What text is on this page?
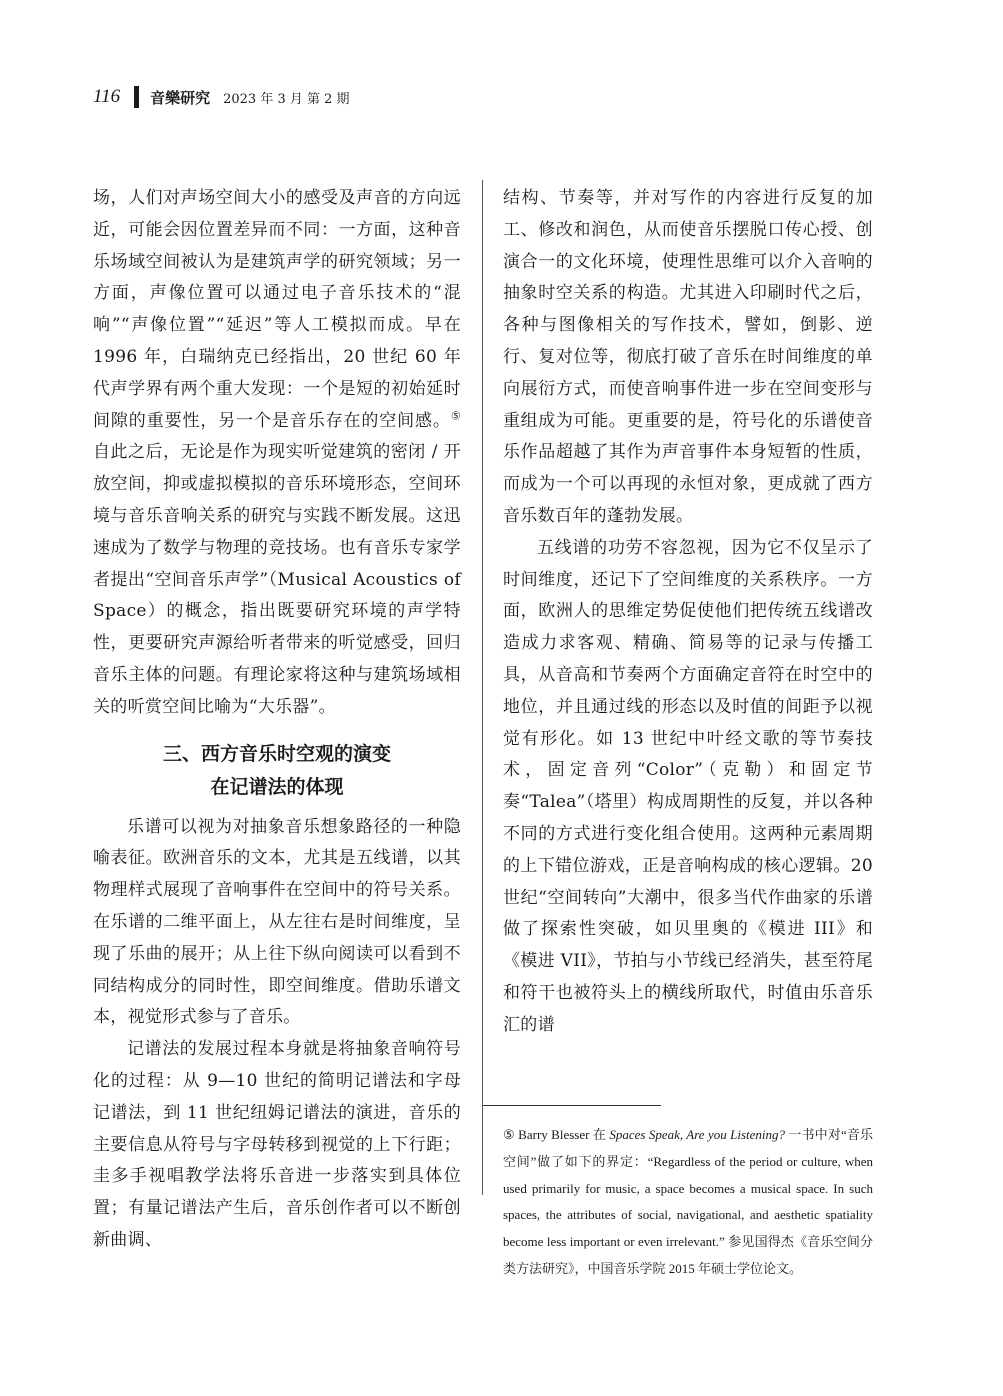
116 音樂研究 2023 年 3 月 第 2 期

场，人们对声场空间大小的感受及声音的方向远近，可能会因位置差异而不同：一方面，这种音乐场域空间被认为是建筑声学的研究领域；另一方面，声像位置可以通过电子音乐技术的“混响”“声像位置”“延迟”等人工模拟而成。早在 1996 年，白瑞纳克已经指出，20 世纪 60 年代声学界有两个重大发现：一个是短的初始延时间隙的重要性，另一个是音乐存在的空间感。⑤ 自此之后，无论是作为现实听觉建筑的密闭 / 开放空间，抑或虚拟模拟的音乐环境形态，空间环境与音乐音响关系的研究与实践不断发展。这迅速成为了数学与物理的竞技场。也有音乐专家学者提出“空间音乐声学”（Musical Acoustics of Space）的概念，指出既要研究环境的声学特性，更要研究声源给听者带来的听觉感受，回归音乐主体的问题。有理论家将这种与建筑场域相关的听赏空间比喻为“大乐器”。

三、西方音乐时空观的演变
在记谱法的体现

乐谱可以视为对抽象音乐想象路径的一种隐喻表征。欧洲音乐的文本，尤其是五线谱，以其物理样式展现了音响事件在空间中的符号关系。在乐谱的二维平面上，从左往右是时间维度，呈现了乐曲的展开；从上往下纵向阅读可以看到不同结构成分的同时性，即空间维度。借助乐谱文本，视觉形式参与了音乐。

记谱法的发展过程本身就是将抽象音响符号化的过程：从 9—10 世纪的简明记谱法和字母记谱法，到 11 世纪纽姆记谱法的演进，音乐的主要信息从符号与字母转移到视觉的上下行距；圭多手视唱教学法将乐音进一步落实到具体位置；有量记谱法产生后，音乐创作者可以不断创新曲调、

结构、节奏等，并对写作的内容进行反复的加工、修改和润色，从而使音乐摆脱口传心授、创演合一的文化环境，使理性思维可以介入音响的抽象时空关系的构造。尤其进入印刷时代之后，各种与图像相关的写作技术，譬如，倒影、逆行、复对位等，彻底打破了音乐在时间维度的单向展衍方式，而使音响事件进一步在空间变形与重组成为可能。更重要的是，符号化的乐谱使音乐作品超越了其作为声音事件本身短暂的性质，而成为一个可以再现的永恒对象，更成就了西方音乐数百年的蓬勃发展。

五线谱的功劳不容忽视，因为它不仅呈示了时间维度，还记下了空间维度的关系秩序。一方面，欧洲人的思维定势促使他们把传统五线谱改造成力求客观、精确、简易等的记录与传播工具，从音高和节奏两个方面确定音符在时空中的地位，并且通过线的形态以及时值的间距予以视觉有形化。如 13 世纪中叶经文歌的等节奏技术，固定音列“Color”（克勒）和固定节奏“Talea”（塔里）构成周期性的反复，并以各种不同的方式进行变化组合使用。这两种元素周期的上下错位游戏，正是音响构成的核心逻辑。20 世纪“空间转向”大潮中，很多当代作曲家的乐谱做了探索性突破，如贝里奥的《模进 III》和《模进 VII》，节拍与小节线已经消失，甚至符尾和符干也被符头上的横线所取代，时值由乐音乐汇的谱

⑤ Barry Blesser 在 Spaces Speak, Are you Listening? 一书中对“音乐空间”做了如下的界定：“Regardless of the period or culture, when used primarily for music, a space becomes a musical space. In such spaces, the attributes of social, navigational, and aesthetic spatiality become less important or even irrelevant.” 参见国得杰《音乐空间分类方法研究》，中国音乐学院 2015 年硕士学位论文。
